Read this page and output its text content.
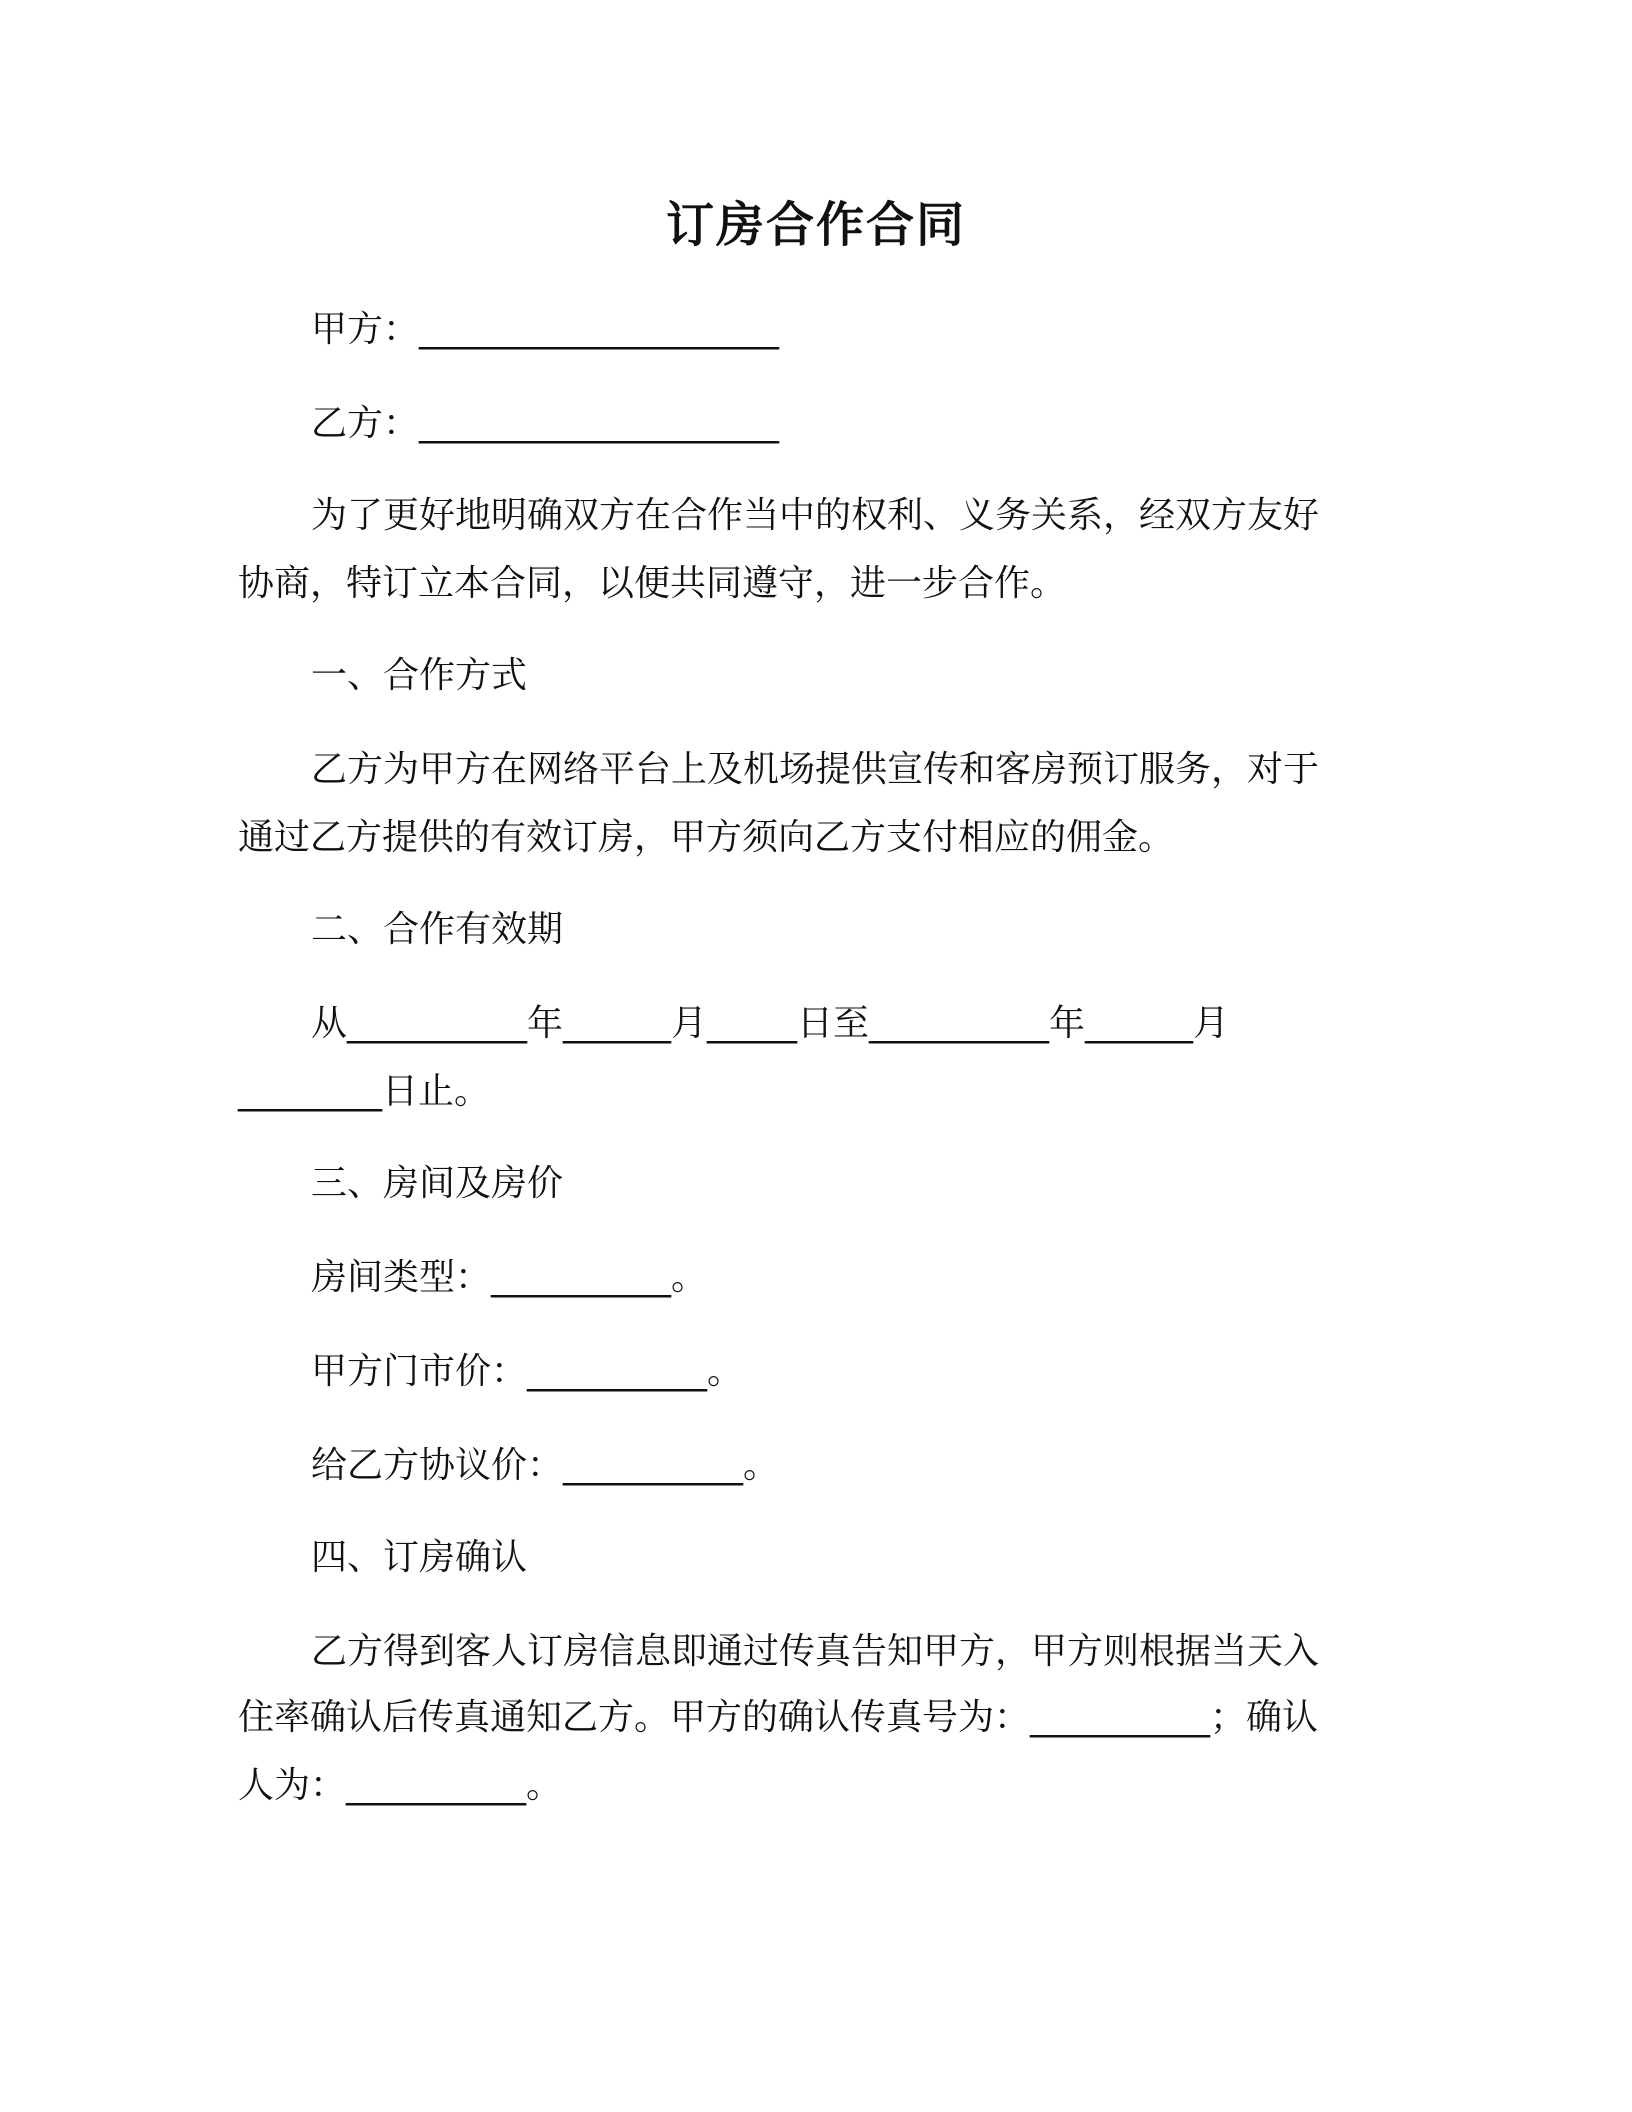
订房合作合同
甲方：____________________
乙方：____________________
为了更好地明确双方在合作当中的权利、义务关系，经双方友好
协商，特订立本合同，以便共同遵守，进一步合作。
一、合作方式
乙方为甲方在网络平台上及机场提供宣传和客房预订服务，对于
通过乙方提供的有效订房，甲方须向乙方支付相应的佣金。
二、合作有效期
从__________年______月_____日至__________年______月
________日止。
三、房间及房价
房间类型：__________。
甲方门市价：__________。
给乙方协议价：__________。
四、订房确认
乙方得到客人订房信息即通过传真告知甲方，甲方则根据当天入
住率确认后传真通知乙方。甲方的确认传真号为：__________；确认
人为：__________。
